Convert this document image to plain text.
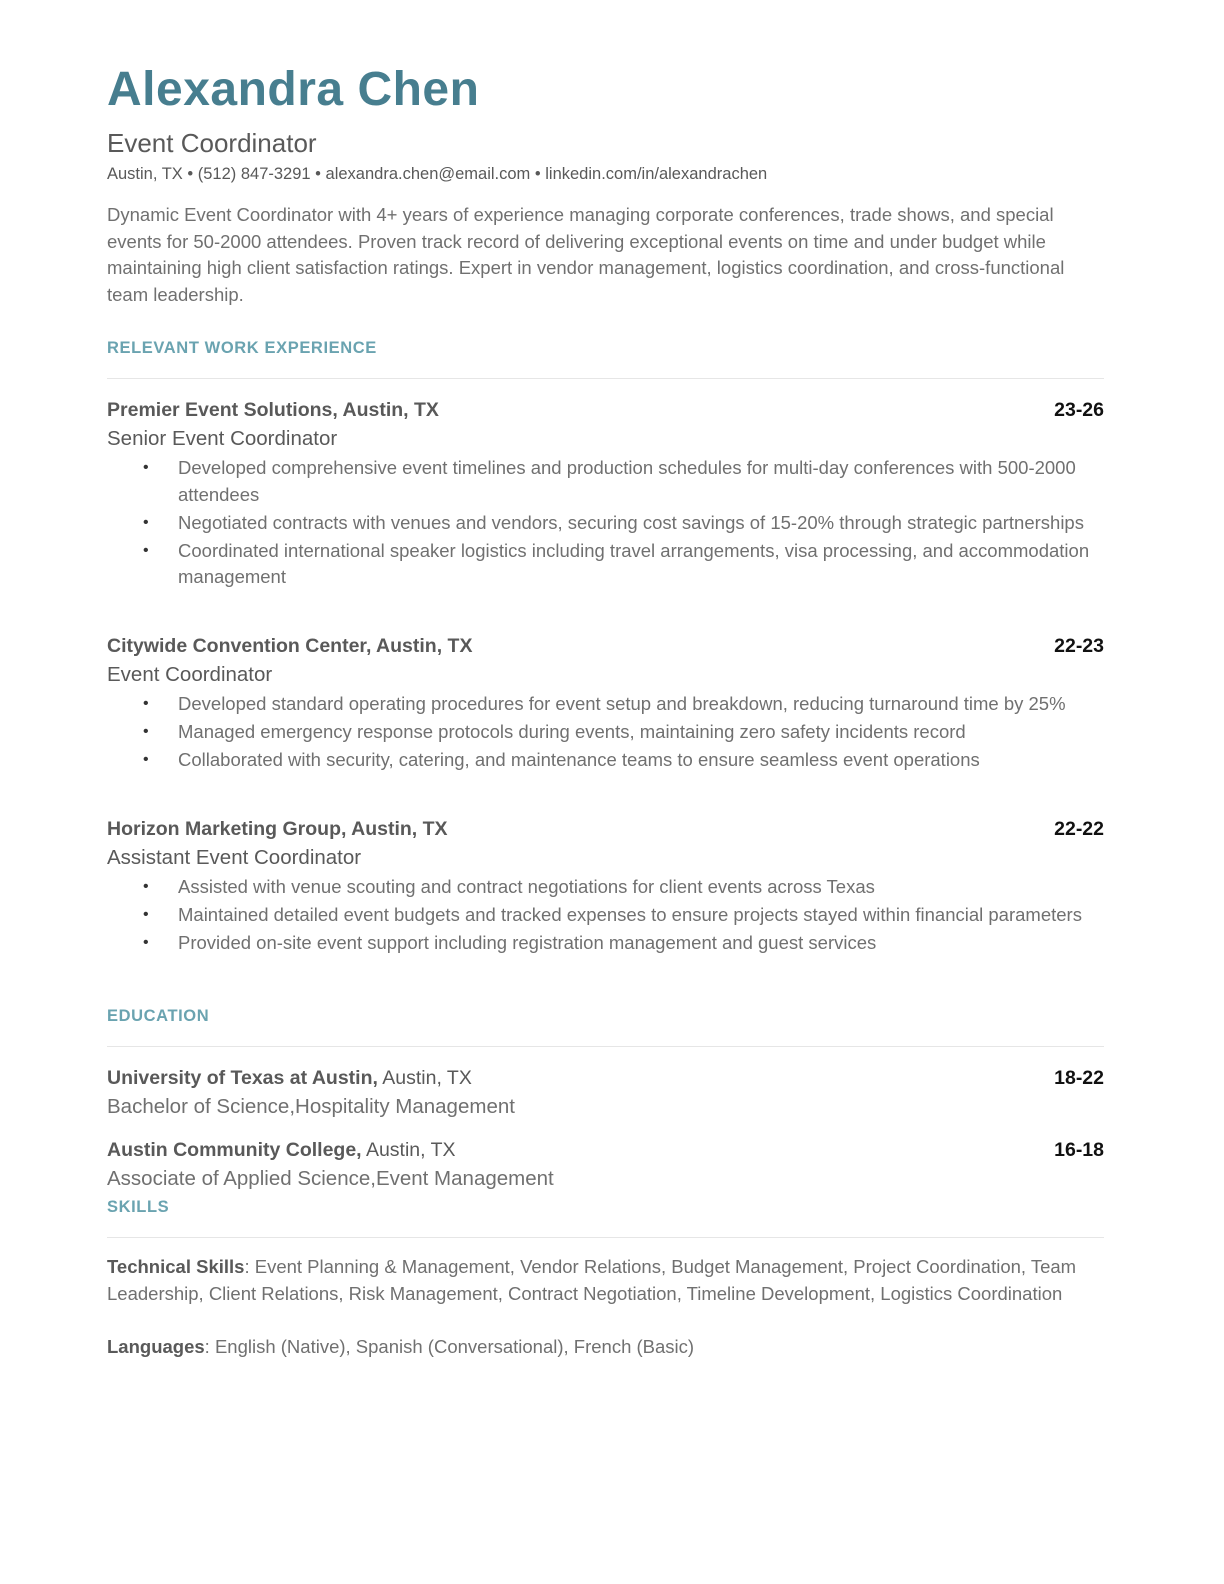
Alexandra Chen
Event Coordinator
Austin, TX • (512) 847-3291 • alexandra.chen@email.com • linkedin.com/in/alexandrachen
Dynamic Event Coordinator with 4+ years of experience managing corporate conferences, trade shows, and special events for 50-2000 attendees. Proven track record of delivering exceptional events on time and under budget while maintaining high client satisfaction ratings. Expert in vendor management, logistics coordination, and cross-functional team leadership.
RELEVANT WORK EXPERIENCE
Premier Event Solutions, Austin, TX	23-26
Senior Event Coordinator
• Developed comprehensive event timelines and production schedules for multi-day conferences with 500-2000 attendees
• Negotiated contracts with venues and vendors, securing cost savings of 15-20% through strategic partnerships
• Coordinated international speaker logistics including travel arrangements, visa processing, and accommodation management
Citywide Convention Center, Austin, TX	22-23
Event Coordinator
• Developed standard operating procedures for event setup and breakdown, reducing turnaround time by 25%
• Managed emergency response protocols during events, maintaining zero safety incidents record
• Collaborated with security, catering, and maintenance teams to ensure seamless event operations
Horizon Marketing Group, Austin, TX	22-22
Assistant Event Coordinator
• Assisted with venue scouting and contract negotiations for client events across Texas
• Maintained detailed event budgets and tracked expenses to ensure projects stayed within financial parameters
• Provided on-site event support including registration management and guest services
EDUCATION
University of Texas at Austin, Austin, TX	18-22
Bachelor of Science,Hospitality Management
Austin Community College, Austin, TX	16-18
Associate of Applied Science,Event Management
SKILLS
Technical Skills: Event Planning & Management, Vendor Relations, Budget Management, Project Coordination, Team Leadership, Client Relations, Risk Management, Contract Negotiation, Timeline Development, Logistics Coordination
Languages: English (Native), Spanish (Conversational), French (Basic)
